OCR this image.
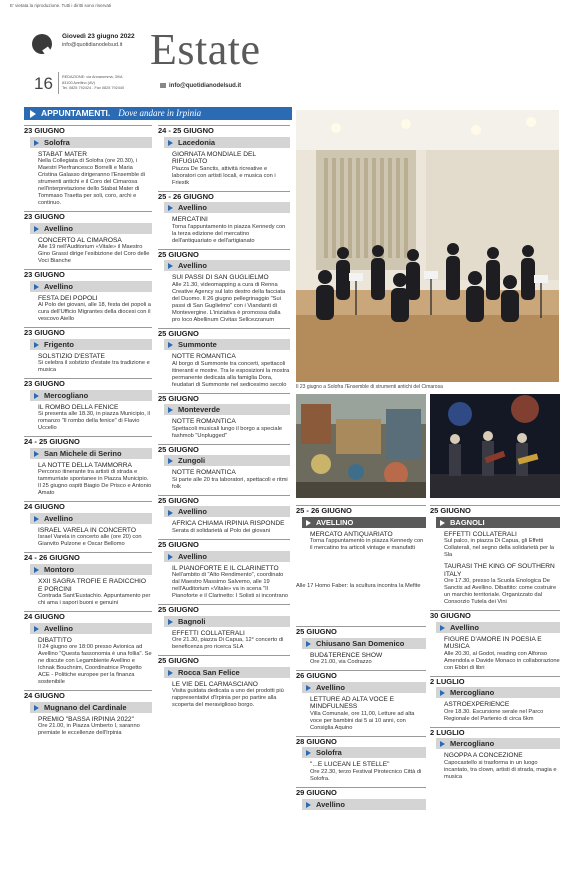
E' vietata la riproduzione. Tutti i diritti sono riservati
Giovedì 23 giugno 2022
info@quotidianodelsud.it
16 REDAZIONE: via Annarumma, 39/A
83100 Avellino (AV)
Tel. 0825 792424 - Fax 0825 792440
Estate
info@quotidianodelsud.it
APPUNTAMENTI. Dove andare in Irpinia
23 GIUGNO
Solofra
STABAT MATER
Nella Collegiata di Solofra (ore 20.30), i Maestri Pierfrancesco Borrelli e Maria Cristina Galasso dirigeranno l'Ensemble di strumenti antichi e il Coro del Cimarosa nell'interpretazione dello Stabat Mater di Tommaso Traetta per soli, coro, archi e continuo.
23 GIUGNO
Avellino
CONCERTO AL CIMAROSA
Alle 19 nell'Auditorium «Vitale» il Maestro Gino Grassi dirige l'esibizione del Coro delle Voci Bianche
23 GIUGNO
Avellino
FESTA DEI POPOLI
Al Polo dei giovani, alle 18, festa dei popoli a cura dell'Ufficio Migrantes della diocesi con il vescovo Aiello
23 GIUGNO
Frigento
SOLSTIZIO D'ESTATE
Si celebra il solstizio d'estate tra tradizione e musica
23 GIUGNO
Mercogliano
IL ROMBO DELLA FENICE
Si presenta alle 18.30, in piazza Municipio, il romanzo "Il rombo della fenice" di Flavio Uccello
24 - 25 GIUGNO
San Michele di Serino
LA NOTTE DELLA TAMMORRA
Percorso itinerante tra artisti di strada e tammurriate spontanee in Piazza Municipio. Il 25 giugno ospiti Biagio De Prisco e Antonio Amato
24 GIUGNO
Avellino
ISRAEL VARELA IN CONCERTO
Israel Varela in concerto alle (ore 20) con Gianvito Pulzone e Oscar Bellomo
24 - 26 GIUGNO
Montoro
XXII SAGRA TROFIE E RADICCHIO E PORCINI
Contrada Sant'Eustachio. Appuntamento per chi ama i sapori buoni e genuini
24 GIUGNO
Avellino
DIBATTITO
Il 24 giugno ore 18:00 presso Avionica ad Avellino "Questa fassonomia è una follia". Se ne discute con Legambiente Avellino e Ichnak Bouchnim, Coordinatrice Progetto ACE - Politiche europee per la finanza sostenibile
24 GIUGNO
Mugnano del Cardinale
PREMIO "BASSA IRPINIA 2022"
Ore 21.00, in Piazza Umberto I, saranno premiate le eccellenze dell'Irpinia
24 - 25 GIUGNO
Lacedonia
GIORNATA MONDIALE DEL RIFUGIATO
Piazza De Sanctis, attività ricreative e laboratori con artisti locali, e musica con i Friestk
25 - 26 GIUGNO
Avellino
MERCATINI
Torna l'appuntamento in piazza Kennedy con la terza edizione del mercatino dell'antiquariato e dell'artigianato
25 GIUGNO
Avellino
SUI PASSI DI SAN GUGLIELMO
Alle 21.30, videomapping a cura di Renna Creative Agency sul lato destro della facciata del Duomo. Il 26 giugno pellegrinaggio "Sui passi di San Guglielmo" con i Viandanti di Montevergine. L'iniziativa è promossa dalla pro loco Abellinum Civitas Sellcezzanum
25 GIUGNO
Summonte
NOTTE ROMANTICA
Al borgo di Summonte tra concerti, spettacoli itineranti e mostre. Tra le esposizioni la mostra permanente dedicata alla famiglia Dora, feudatari di Summonte nel sedicesimo secolo
25 GIUGNO
Monteverde
NOTTE ROMANTICA
Spettacoli musicali lungo il borgo a speciale fashmob "Unplugged"
25 GIUGNO
Zungoli
NOTTE ROMANTICA
Si parte alle 20 tra laboratori, spettacoli e ritmi folk
25 GIUGNO
Avellino
AFRICA CHIAMA IRPINIA RISPONDE
Serata di solidarietà al Polo dei giovani
25 GIUGNO
Avellino
IL PIANOFORTE E IL CLARINETTO
Nell'ambito di "Alto Rendimento", coordinato dal Maestro Massimo Salvemo, alle 19 nell'Auditorium «Vitale» va in scena "Il Pianoforte e il Clarinetto: I Solisti si incontrano
25 GIUGNO
Bagnoli
EFFETTI COLLATERALI
Ore 21.30, piazza Di Capua, 12° concerto di beneficenza pro ricerca SLA
25 GIUGNO
Rocca San Felice
LE VIE DEL CARMASCIANO
Visita guidata dedicata a uno dei prodotti più rappresentativi d'Irpinia per po partire alla scoperta del meraviglioso borgo.
Il 23 giugno a Solofra l'Ensemble di strumenti antichi del Cimarosa
25 - 26 GIUGNO
AVELLINO
MERCATO ANTIQUARIATO
Torna l'appuntamento in piazza Kennedy con il mercatino tra articoli vintage e manufatti
Alle 17 Homo Faber: la scultura incontra la Mefite
25 GIUGNO
Chiusano San Domenico
BUD&TERENCE SHOW
Ore 21.00, via Codrazzo
26 GIUGNO
Avellino
LETTURE AD ALTA VOCE E MINDFULNESS
Villa Comunale, ore 11,00, Letture ad alta voce per bambini dai 5 ai 10 anni, con Consiglia Aquino
28 GIUGNO
Solofra
"...E LUCEAN LE STELLE"
Ore 22.30, terzo Festival Pirotecnico Città di Solofra.
29 GIUGNO
Avellino
25 GIUGNO
BAGNOLI
EFFETTI COLLATERALI
Sul palco, in piazza Di Capua, gli Effetti Collaterali, nel segno della solidarietà per la Sla
TAURASI THE KING OF SOUTHERN ITALY
Ore 17.30, presso la Scuola Enologica De Sanctis ad Avellino. Dibattito: come costruire un marchio territoriale. Organizzato dal Consorzio Tutela dei Vini
30 GIUGNO
Avellino
FIGURE D'AMORE IN POESIA E MUSICA
Alle 20.30, al Godot, reading con Alfonso Amendola e Davide Monaco in collaborazione con Ebbri di libri
2 LUGLIO
Mercogliano
ASTROEXPERIENCE
Ore 18.30. Escursione serale nel Parco Regionale del Partenio di circa 6km
2 LUGLIO
Mercogliano
NGOPPA A CONCEZIONE
Capocastello si trasforma in un luogo incantato, tra clown, artisti di strada, magia e musica
